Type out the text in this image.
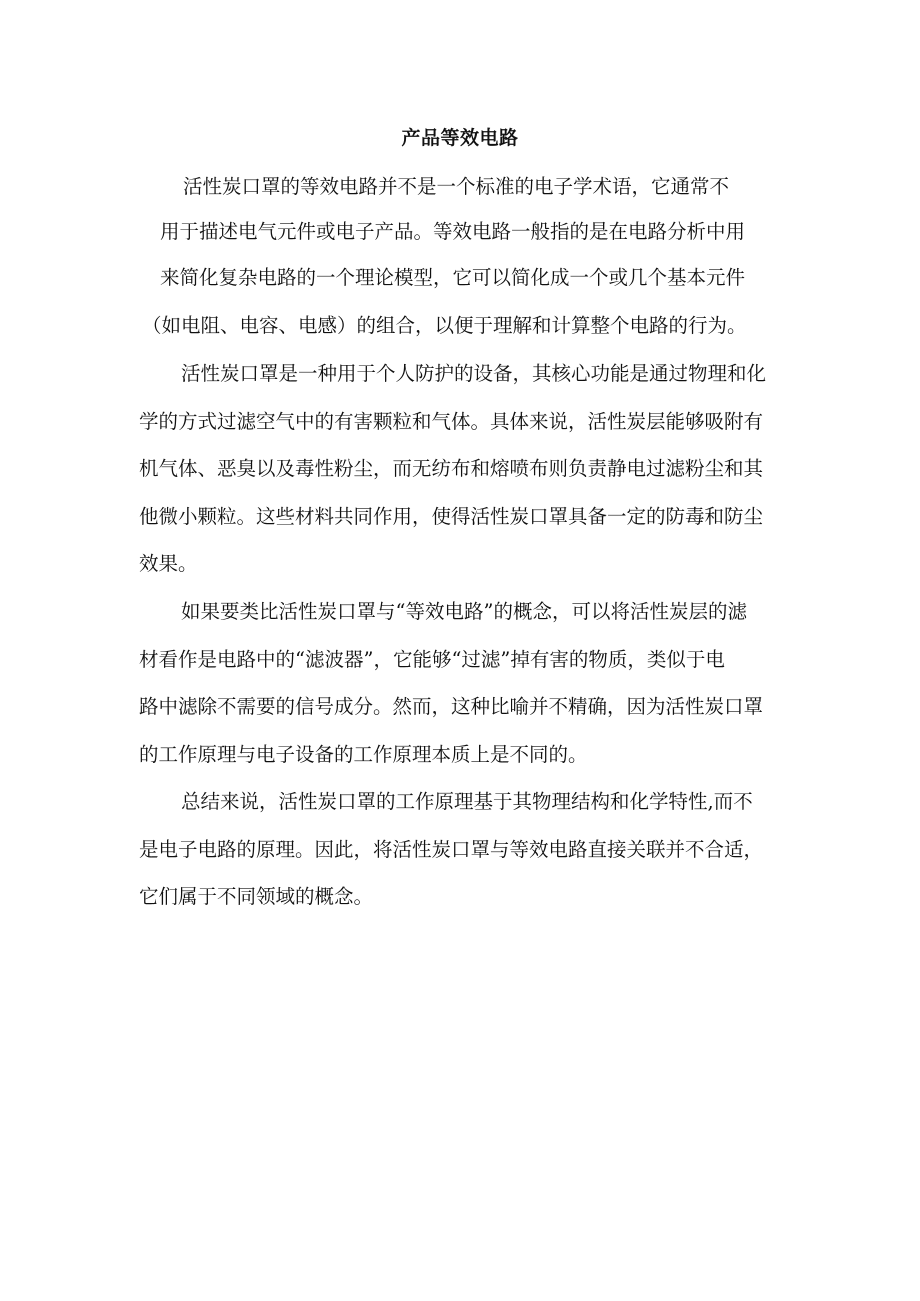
产品等效电路
活性炭口罩的等效电路并不是一个标准的电子学术语，它通常不
用于描述电气元件或电子产品。等效电路一般指的是在电路分析中用
来简化复杂电路的一个理论模型，它可以简化成一个或几个基本元件
（如电阻、电容、电感）的组合，以便于理解和计算整个电路的行为。
活性炭口罩是一种用于个人防护的设备，其核心功能是通过物理和化
学的方式过滤空气中的有害颗粒和气体。具体来说，活性炭层能够吸附有
机气体、恶臭以及毒性粉尘，而无纺布和熔喷布则负责静电过滤粉尘和其
他微小颗粒。这些材料共同作用，使得活性炭口罩具备一定的防毒和防尘
效果。
如果要类比活性炭口罩与“等效电路”的概念，可以将活性炭层的滤
材看作是电路中的“滤波器”，它能够“过滤”掉有害的物质，类似于电
路中滤除不需要的信号成分。然而，这种比喻并不精确，因为活性炭口罩
的工作原理与电子设备的工作原理本质上是不同的。
总结来说，活性炭口罩的工作原理基于其物理结构和化学特性,而不
是电子电路的原理。因此，将活性炭口罩与等效电路直接关联并不合适，
它们属于不同领域的概念。
